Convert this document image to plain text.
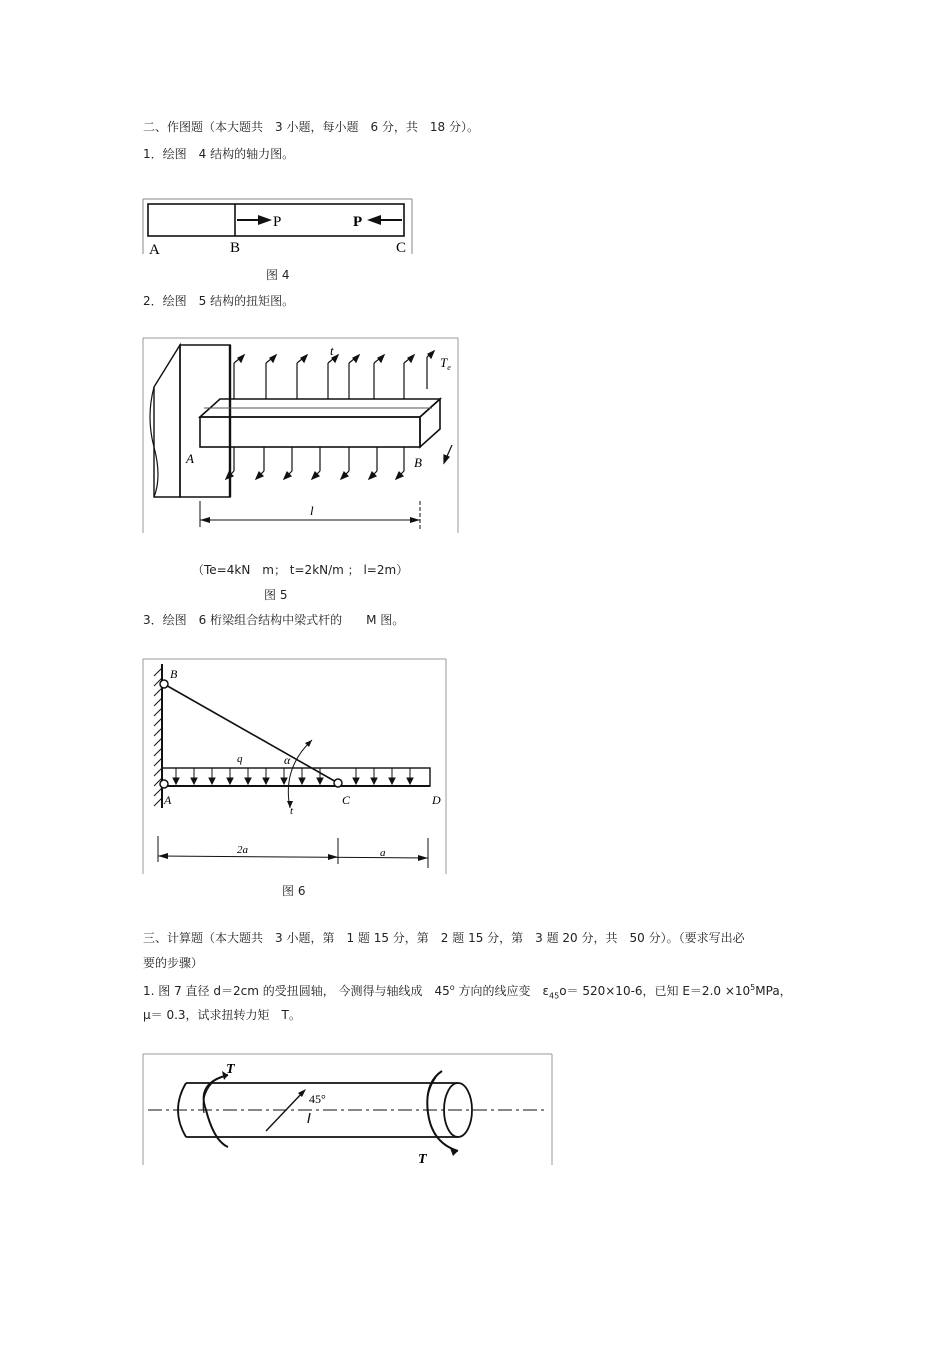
二、作图题（本大题共　3 小题，每小题　6 分，共　18 分）。
1．绘图　4 结构的轴力图。
P	P
A	B	C
图 4
2．绘图　5 结构的扭矩图。
t
$T_e$
A	B
l
（Te=4kN　m； t=2kN/m ； l=2m）
图 5
3．绘图　6 桁梁组合结构中梁式杆的　　M 图。
B
q	α
A	C	D
t
2a	a
图 6
三、计算题（本大题共　3 小题，第　1 题 15 分，第　2 题 15 分，第　3 题 20 分，共　50 分）。（要求写出必
要的步骤）
1. 图 7 直径 d＝2cm 的受扭圆轴， 今测得与轴线成　45$^o$ 方向的线应变　$\varepsilon_{45}o= 520\times 10-6$，已知 $E=2.0 \times 10^5MPa$，
μ＝ 0.3，试求扭转力矩　T。
T
T
45°
